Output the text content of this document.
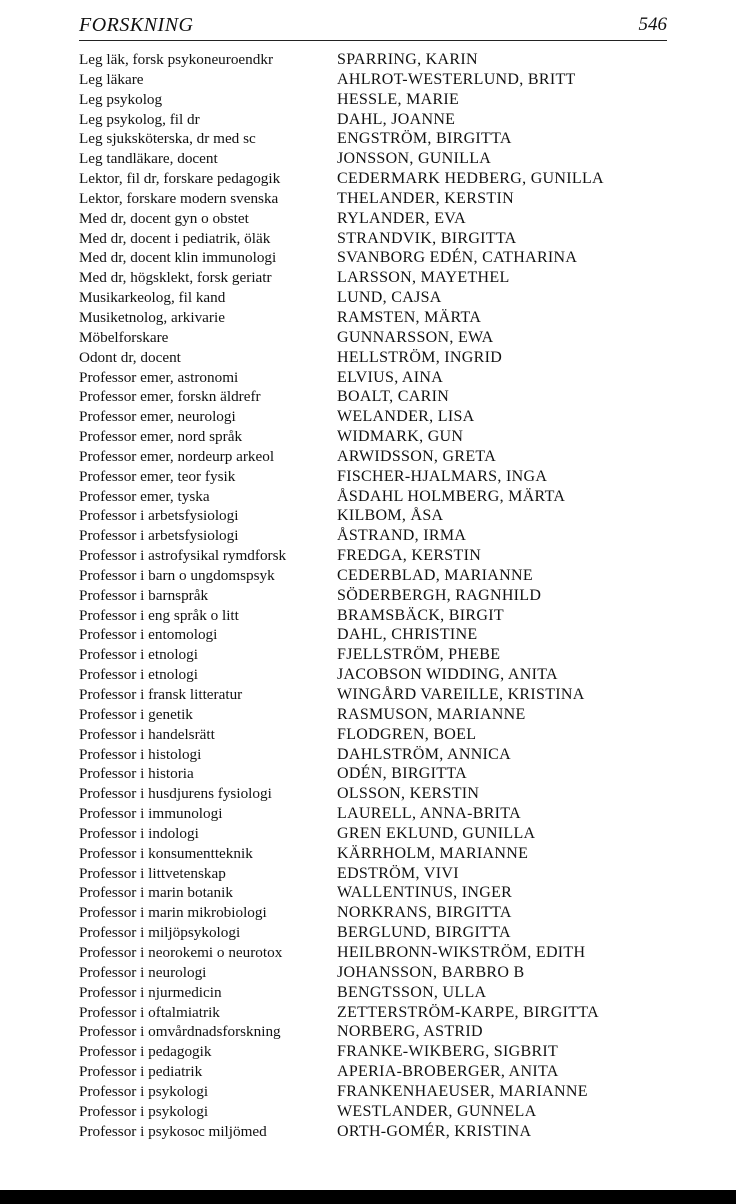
FORSKNING	546
Leg läk, forsk psykoneuroendkr	SPARRING, KARIN
Leg läkare	AHLROT-WESTERLUND, BRITT
Leg psykolog	HESSLE, MARIE
Leg psykolog, fil dr	DAHL, JOANNE
Leg sjuksköterska, dr med sc	ENGSTRÖM, BIRGITTA
Leg tandläkare, docent	JONSSON, GUNILLA
Lektor, fil dr, forskare pedagogik	CEDERMARK HEDBERG, GUNILLA
Lektor, forskare modern svenska	THELANDER, KERSTIN
Med dr, docent gyn o obstet	RYLANDER, EVA
Med dr, docent i pediatrik, öläk	STRANDVIK, BIRGITTA
Med dr, docent klin immunologi	SVANBORG EDÉN, CATHARINA
Med dr, högsklekt, forsk geriatr	LARSSON, MAYETHEL
Musikarkeolog, fil kand	LUND, CAJSA
Musiketnolog, arkivarie	RAMSTEN, MÄRTA
Möbelforskare	GUNNARSSON, EWA
Odont dr, docent	HELLSTRÖM, INGRID
Professor emer, astronomi	ELVIUS, AINA
Professor emer, forskn äldrefr	BOALT, CARIN
Professor emer, neurologi	WELANDER, LISA
Professor emer, nord språk	WIDMARK, GUN
Professor emer, nordeurp arkeol	ARWIDSSON, GRETA
Professor emer, teor fysik	FISCHER-HJALMARS, INGA
Professor emer, tyska	ÅSDAHL HOLMBERG, MÄRTA
Professor i arbetsfysiologi	KILBOM, ÅSA
Professor i arbetsfysiologi	ÅSTRAND, IRMA
Professor i astrofysikal rymdforsk	FREDGA, KERSTIN
Professor i barn o ungdomspsyk	CEDERBLAD, MARIANNE
Professor i barnspråk	SÖDERBERGH, RAGNHILD
Professor i eng språk o litt	BRAMSBÄCK, BIRGIT
Professor i entomologi	DAHL, CHRISTINE
Professor i etnologi	FJELLSTRÖM, PHEBE
Professor i etnologi	JACOBSON WIDDING, ANITA
Professor i fransk litteratur	WINGÅRD VAREILLE, KRISTINA
Professor i genetik	RASMUSON, MARIANNE
Professor i handelsrätt	FLODGREN, BOEL
Professor i histologi	DAHLSTRÖM, ANNICA
Professor i historia	ODÉN, BIRGITTA
Professor i husdjurens fysiologi	OLSSON, KERSTIN
Professor i immunologi	LAURELL, ANNA-BRITA
Professor i indologi	GREN EKLUND, GUNILLA
Professor i konsumentteknik	KÄRRHOLM, MARIANNE
Professor i littvetenskap	EDSTRÖM, VIVI
Professor i marin botanik	WALLENTINUS, INGER
Professor i marin mikrobiologi	NORKRANS, BIRGITTA
Professor i miljöpsykologi	BERGLUND, BIRGITTA
Professor i neorokemi o neurotox	HEILBRONN-WIKSTRÖM, EDITH
Professor i neurologi	JOHANSSON, BARBRO B
Professor i njurmedicin	BENGTSSON, ULLA
Professor i oftalmiatrik	ZETTERSTRÖM-KARPE, BIRGITTA
Professor i omvårdnadsforskning	NORBERG, ASTRID
Professor i pedagogik	FRANKE-WIKBERG, SIGBRIT
Professor i pediatrik	APERIA-BROBERGER, ANITA
Professor i psykologi	FRANKENHAEUSER, MARIANNE
Professor i psykologi	WESTLANDER, GUNNELA
Professor i psykosoc miljömed	ORTH-GOMÉR, KRISTINA
